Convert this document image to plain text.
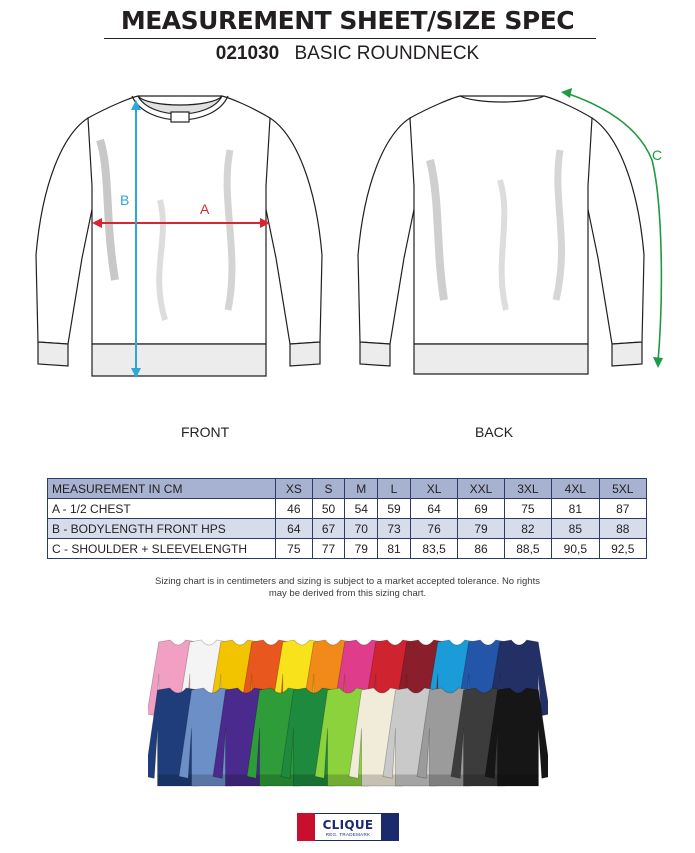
MEASUREMENT SHEET/SIZE SPEC
021030 BASIC ROUNDNECK
A
B
C
FRONT	BACK
MEASUREMENT IN CM	XS	S	M	L	XL	XXL	3XL	4XL	5XL
A - 1/2 CHEST	46	50	54	59	64	69	75	81	87
B - BODYLENGTH FRONT HPS	64	67	70	73	76	79	82	85	88
C - SHOULDER + SLEEVELENGTH	75	77	79	81	83,5	86	88,5	90,5	92,5
Sizing chart is in centimeters and sizing is subject to a market accepted tolerance. No rights
may be derived from this sizing chart.
CLIQUE
REG. TRADEMARK
